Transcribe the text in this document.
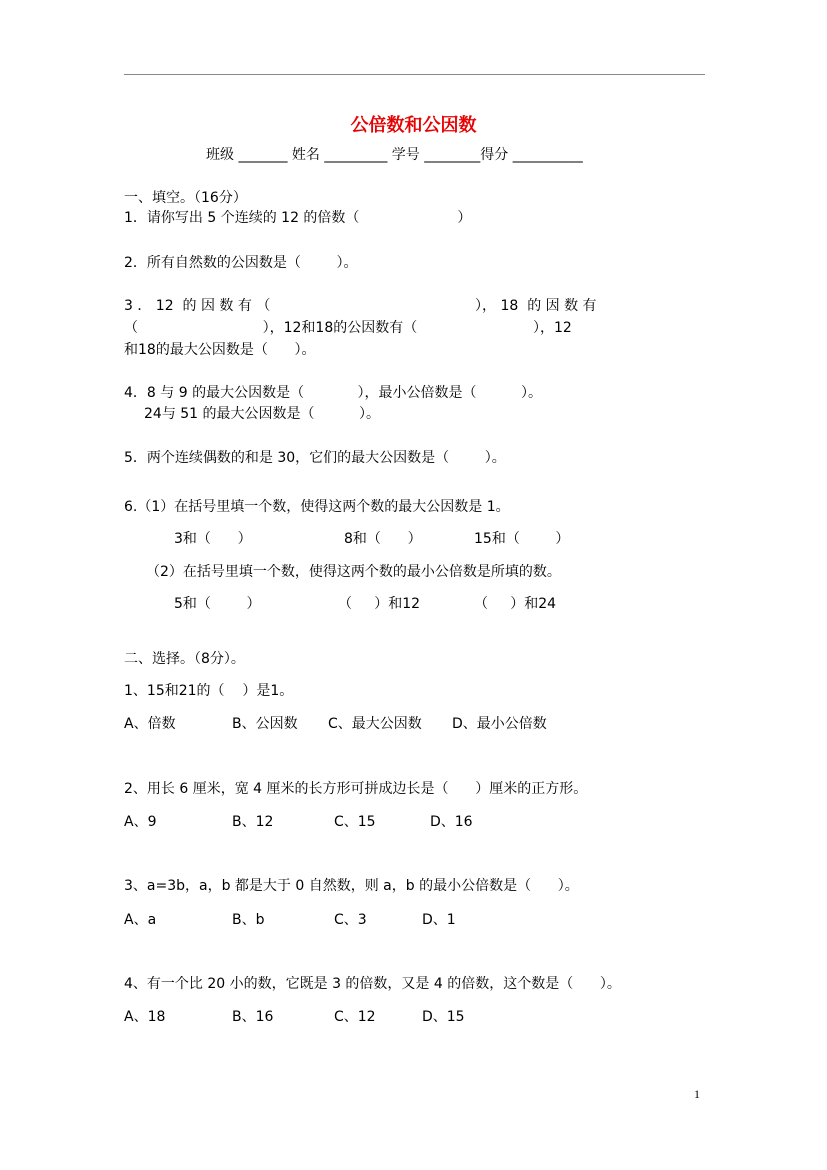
公倍数和公因数
班级 _______ 姓名 _________ 学号 ________得分 __________
一、填空。（16分）
1．请你写出 5 个连续的 12 的倍数（                      ）
2．所有自然数的公因数是（        ）。
3 ． 12  的 因 数 有 （                                              ）， 18  的 因 数 有
（                            ），12和18的公因数有（                          ），12
和18的最大公因数是（      ）。
4．8 与 9 的最大公因数是（            ），最小公倍数是（          ）。
24与 51 的最大公因数是（          ）。
5．两个连续偶数的和是 30，它们的最大公因数是（        ）。
6.（1）在括号里填一个数，使得这两个数的最大公因数是 1。
3和（      ）	8和（      ）	15和（        ）
（2）在括号里填一个数，使得这两个数的最小公倍数是所填的数。
5和（        ）	（     ）和12	（     ）和24
二、选择。（8分）。
1、15和21的（    ）是1。
A、倍数	B、公因数 C、最大公因数 D、最小公倍数
2、用长 6 厘米，宽 4 厘米的长方形可拼成边长是（      ）厘米的正方形。
A、9	B、12	C、15	D、16
3、a=3b，a，b 都是大于 0 自然数，则 a，b 的最小公倍数是（      ）。
A、a	B、b	C、3	D、1
4、有一个比 20 小的数，它既是 3 的倍数，又是 4 的倍数，这个数是（      ）。
A、18	B、16	C、12	D、15
1
